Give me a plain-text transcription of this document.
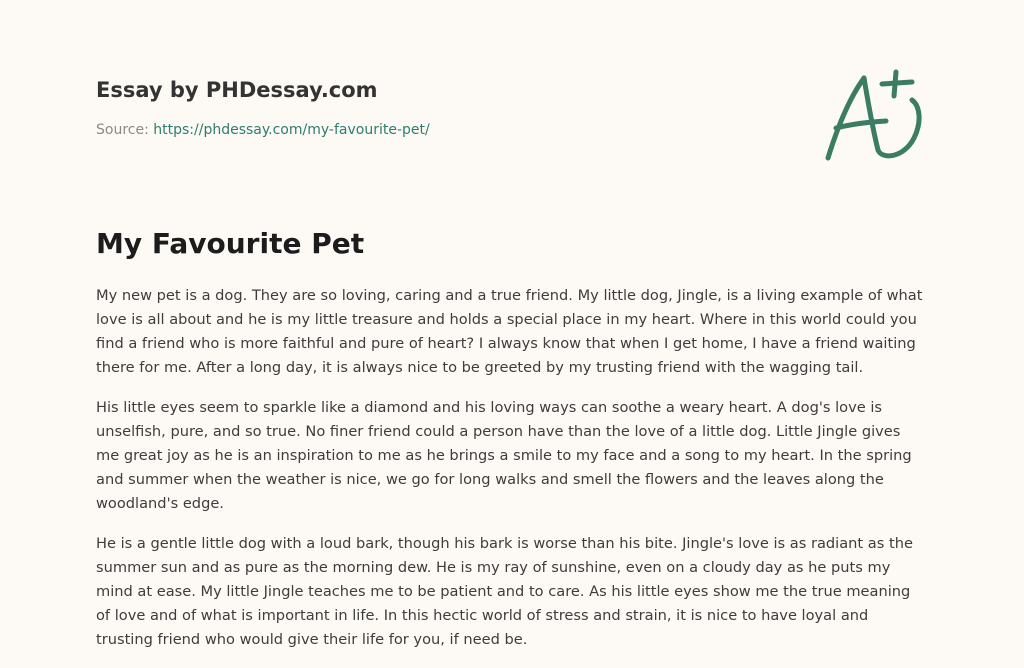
Essay by PHDessay.com
Source: https://phdessay.com/my-favourite-pet/
My Favourite Pet

My new pet is a dog. They are so loving, caring and a true friend. My little dog, Jingle, is a living example of what love is all about and he is my little treasure and holds a special place in my heart. Where in this world could you find a friend who is more faithful and pure of heart? I always know that when I get home, I have a friend waiting there for me. After a long day, it is always nice to be greeted by my trusting friend with the wagging tail.

His little eyes seem to sparkle like a diamond and his loving ways can soothe a weary heart. A dog's love is unselfish, pure, and so true. No finer friend could a person have than the love of a little dog. Little Jingle gives me great joy as he is an inspiration to me as he brings a smile to my face and a song to my heart. In the spring and summer when the weather is nice, we go for long walks and smell the flowers and the leaves along the woodland's edge.

He is a gentle little dog with a loud bark, though his bark is worse than his bite. Jingle's love is as radiant as the summer sun and as pure as the morning dew. He is my ray of sunshine, even on a cloudy day as he puts my mind at ease. My little Jingle teaches me to be patient and to care. As his little eyes show me the true meaning of love and of what is important in life. In this hectic world of stress and strain, it is nice to have loyal and trusting friend who would give their life for you, if need be.
